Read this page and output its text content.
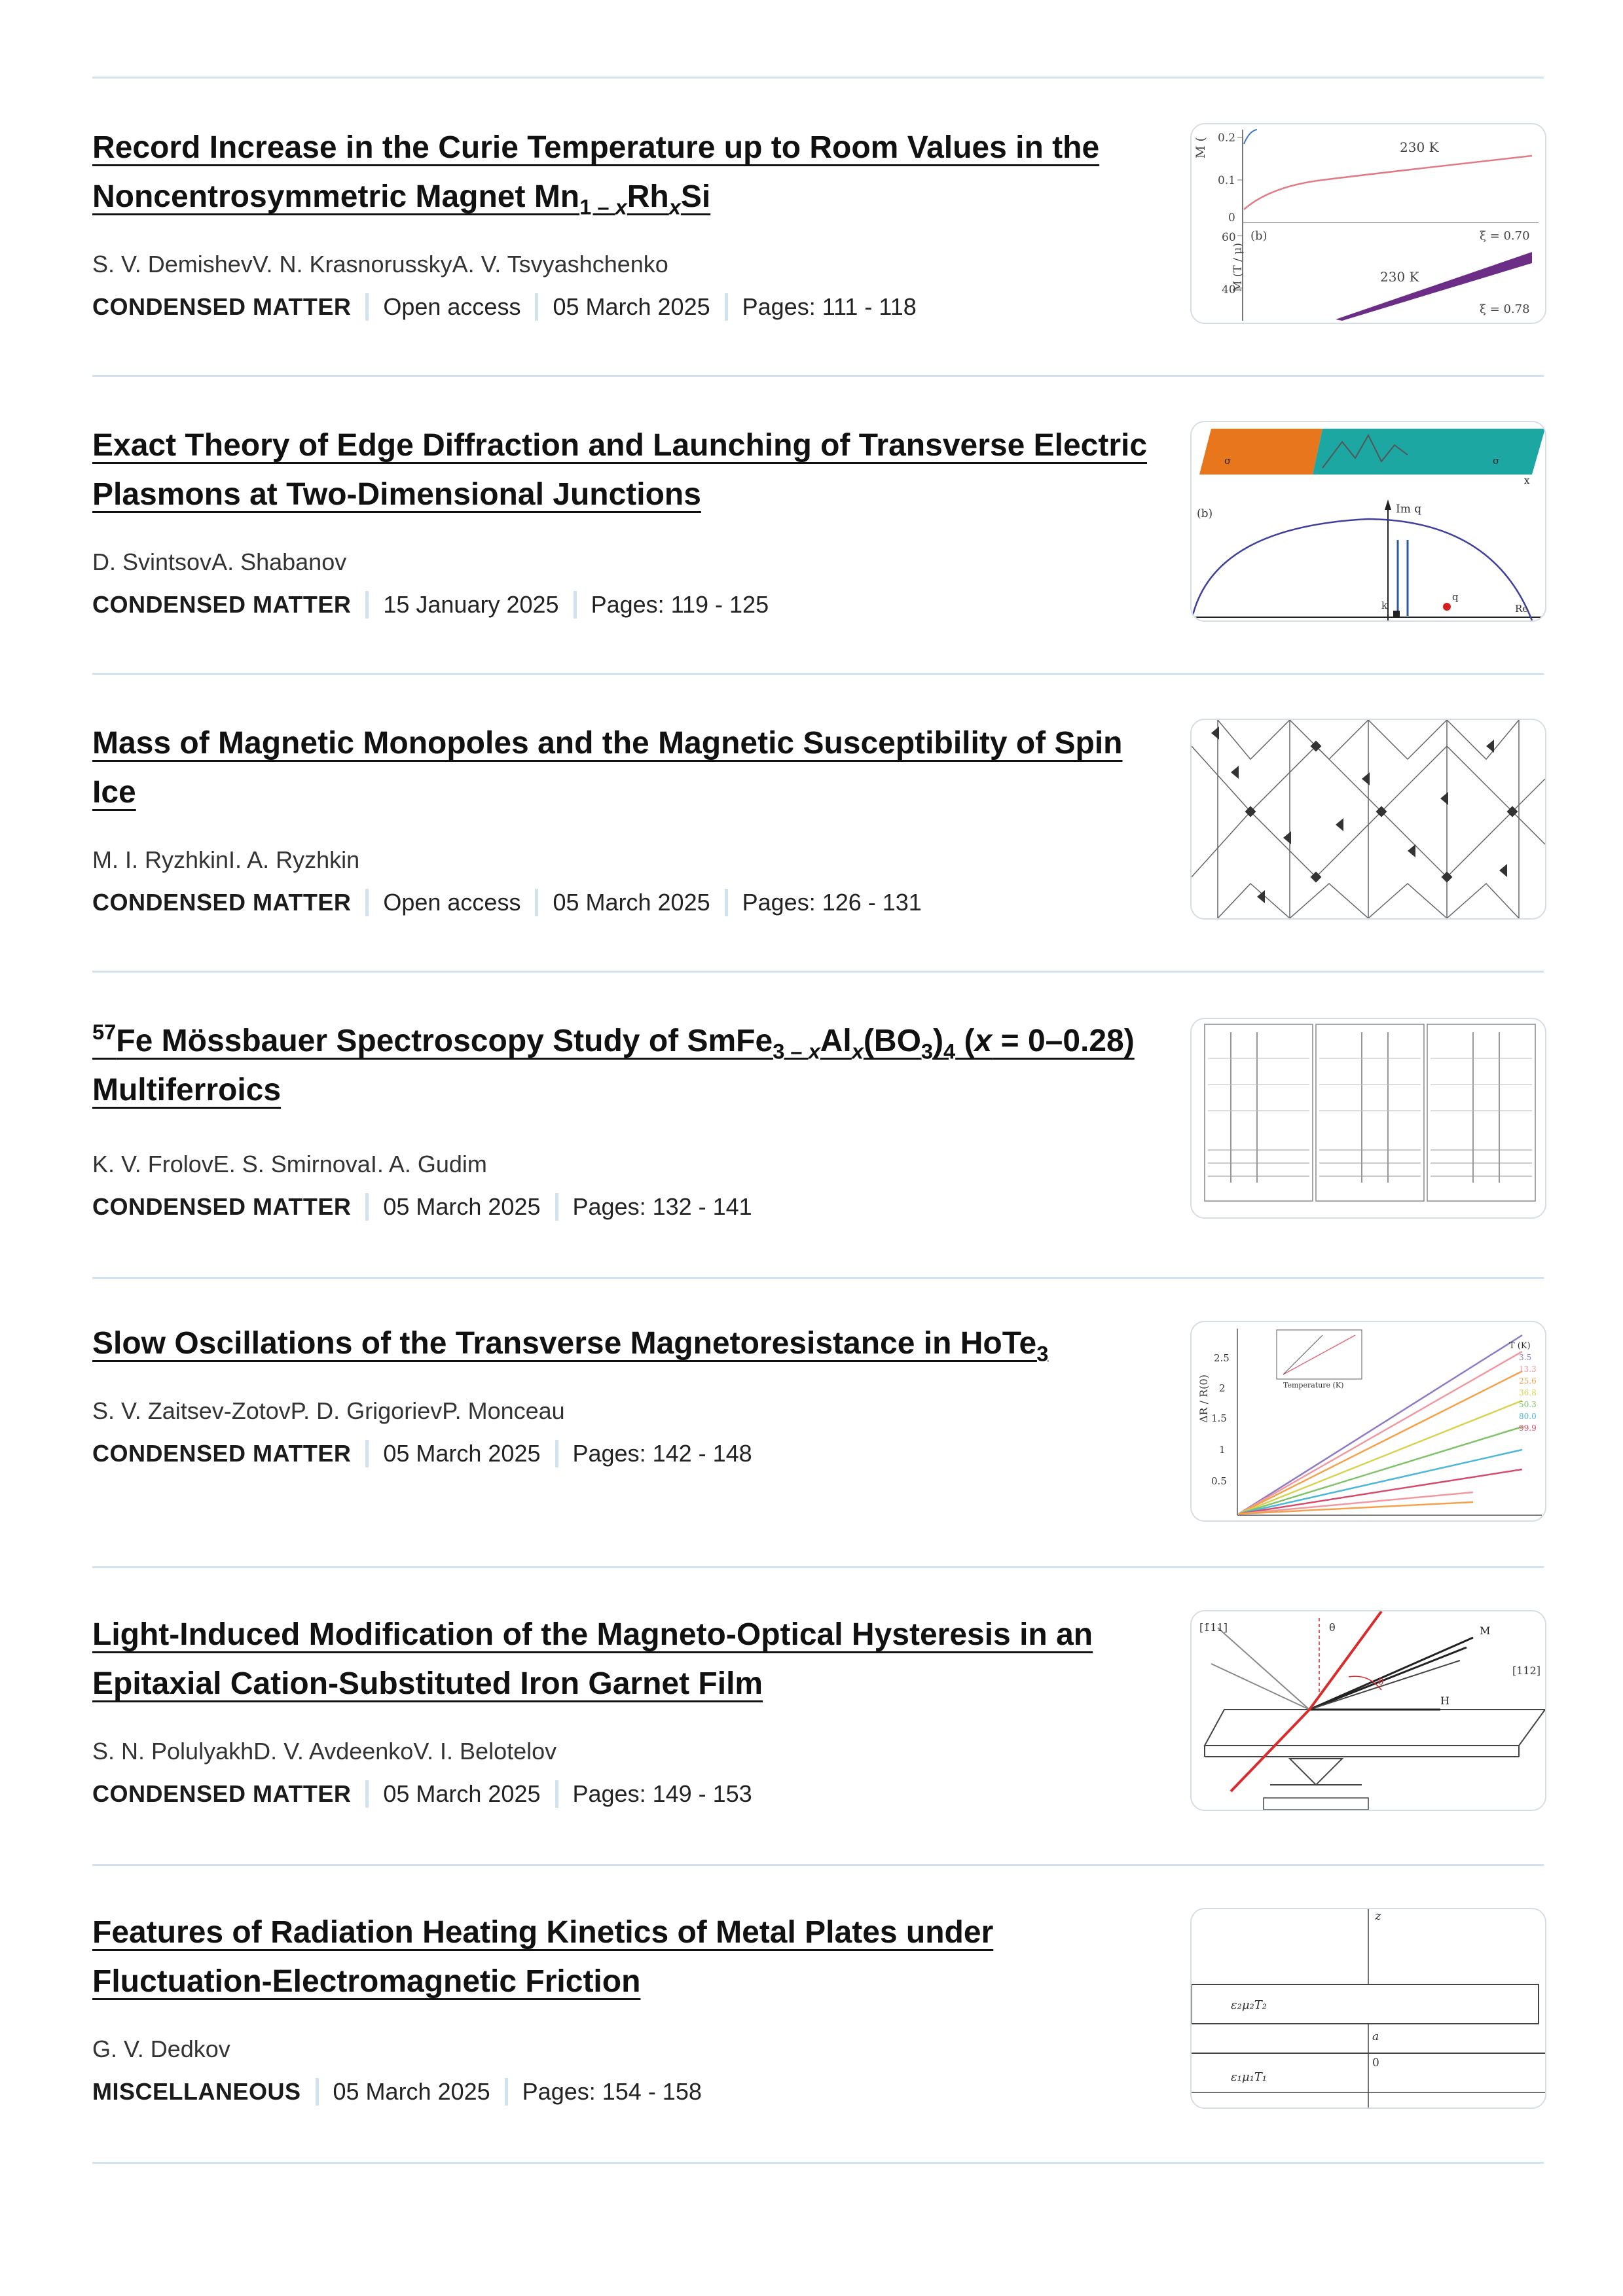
Record Increase in the Curie Temperature up to Room Values in the Noncentrosymmetric Magnet $Mn_{1 -}$ $_xRh_xSi$
S. V. DemishevV. N. KrasnorusskyA. V. Tsvyashchenko
CONDENSED MATTER Open access 05 March 2025 Pages: 111 - 118
M ( 0.2
0.1
0
60
40
230 K
230 K
(b)	ξ = 0.70
ξ = 0.78
M (T / μ)
Exact Theory of Edge Diffraction and Launching of Transverse Electric Plasmons at Two-Dimensional Junctions
D. SvintsovA. Shabanov
CONDENSED MATTER 15 January 2025 Pages: 119 - 125
(b)	Im q
k	Re
q
σ	σ
x
Mass of Magnetic Monopoles and the Magnetic Susceptibility of Spin Ice
M. I. RyzhkinI. A. Ryzhkin
CONDENSED MATTER Open access 05 March 2025 Pages: 126 - 131
$^{57}$Fe Mössbauer Spectroscopy Study of SmFe$_{3 -}$ $_xAl_x(BO_3)_4$ (x = 0–0.28) Multiferroics
K. V. FrolovE. S. SmirnovaI. A. Gudim
CONDENSED MATTER 05 March 2025 Pages: 132 - 141
Slow Oscillations of the Transverse Magnetoresistance in HoTe$_3$
S. V. Zaitsev-ZotovP. D. GrigorievP. Monceau
CONDENSED MATTER 05 March 2025 Pages: 142 - 148
ΔR / R(0)
2.5
2
1.5
1
0.5
T (K)
3.5
13.3
25.6
36.8
50.3
80.0
99.9
Temperature (K)
Light-Induced Modification of the Magneto-Optical Hysteresis in an Epitaxial Cation-Substituted Iron Garnet Film
S. N. PolulyakhD. V. AvdeenkoV. I. Belotelov
CONDENSED MATTER 05 March 2025 Pages: 149 - 153
[1̄11]
[112]
θ	M
H
θ
Features of Radiation Heating Kinetics of Metal Plates under Fluctuation-Electromagnetic Friction
G. V. Dedkov
MISCELLANEOUS 05 March 2025 Pages: 154 - 158
z
ε₂μ₂T₂
ε₁μ₁T₁
a
0
